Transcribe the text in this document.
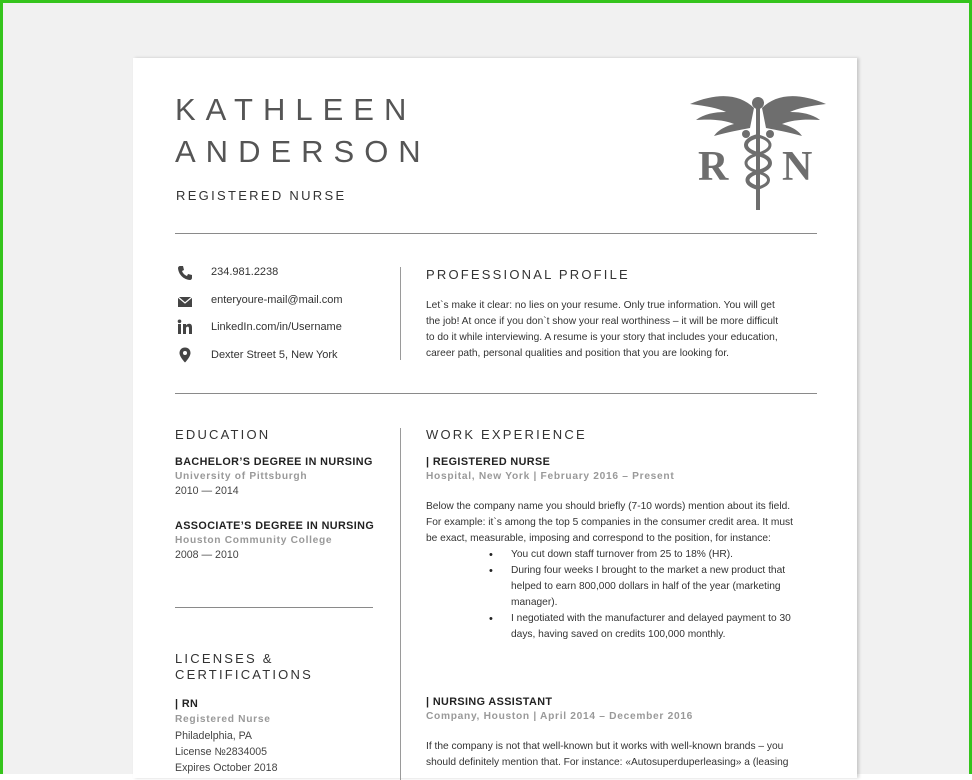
KATHLEEN
ANDERSON
REGISTERED NURSE
R N
234.981.2238
enteryoure-mail@mail.com
LinkedIn.com/in/Username
Dexter Street 5, New York
PROFESSIONAL PROFILE
Let`s make it clear: no lies on your resume. Only true information. You will get
the job! At once if you don`t show your real worthiness – it will be more difficult
to do it while interviewing. A resume is your story that includes your education,
career path, personal qualities and position that you are looking for.
EDUCATION
BACHELOR’S DEGREE IN NURSING
University of Pittsburgh
2010 — 2014
ASSOCIATE’S DEGREE IN NURSING
Houston Community College
2008 — 2010
LICENSES &
CERTIFICATIONS
| RN
Registered Nurse
Philadelphia, PA
License №2834005
Expires October 2018
WORK EXPERIENCE
| REGISTERED NURSE
Hospital, New York | February 2016 – Present
Below the company name you should briefly (7-10 words) mention about its field.
For example: it`s among the top 5 companies in the consumer credit area. It must
be exact, measurable, imposing and correspond to the position, for instance:
• You cut down staff turnover from 25 to 18% (HR).
• During four weeks I brought to the market a new product that
helped to earn 800,000 dollars in half of the year (marketing
manager).
• I negotiated with the manufacturer and delayed payment to 30
days, having saved on credits 100,000 monthly.
| NURSING ASSISTANT
Company, Houston | April 2014 – December 2016
If the company is not that well-known but it works with well-known brands – you
should definitely mention that. For instance: «Autosuperduperleasing» a (leasing
